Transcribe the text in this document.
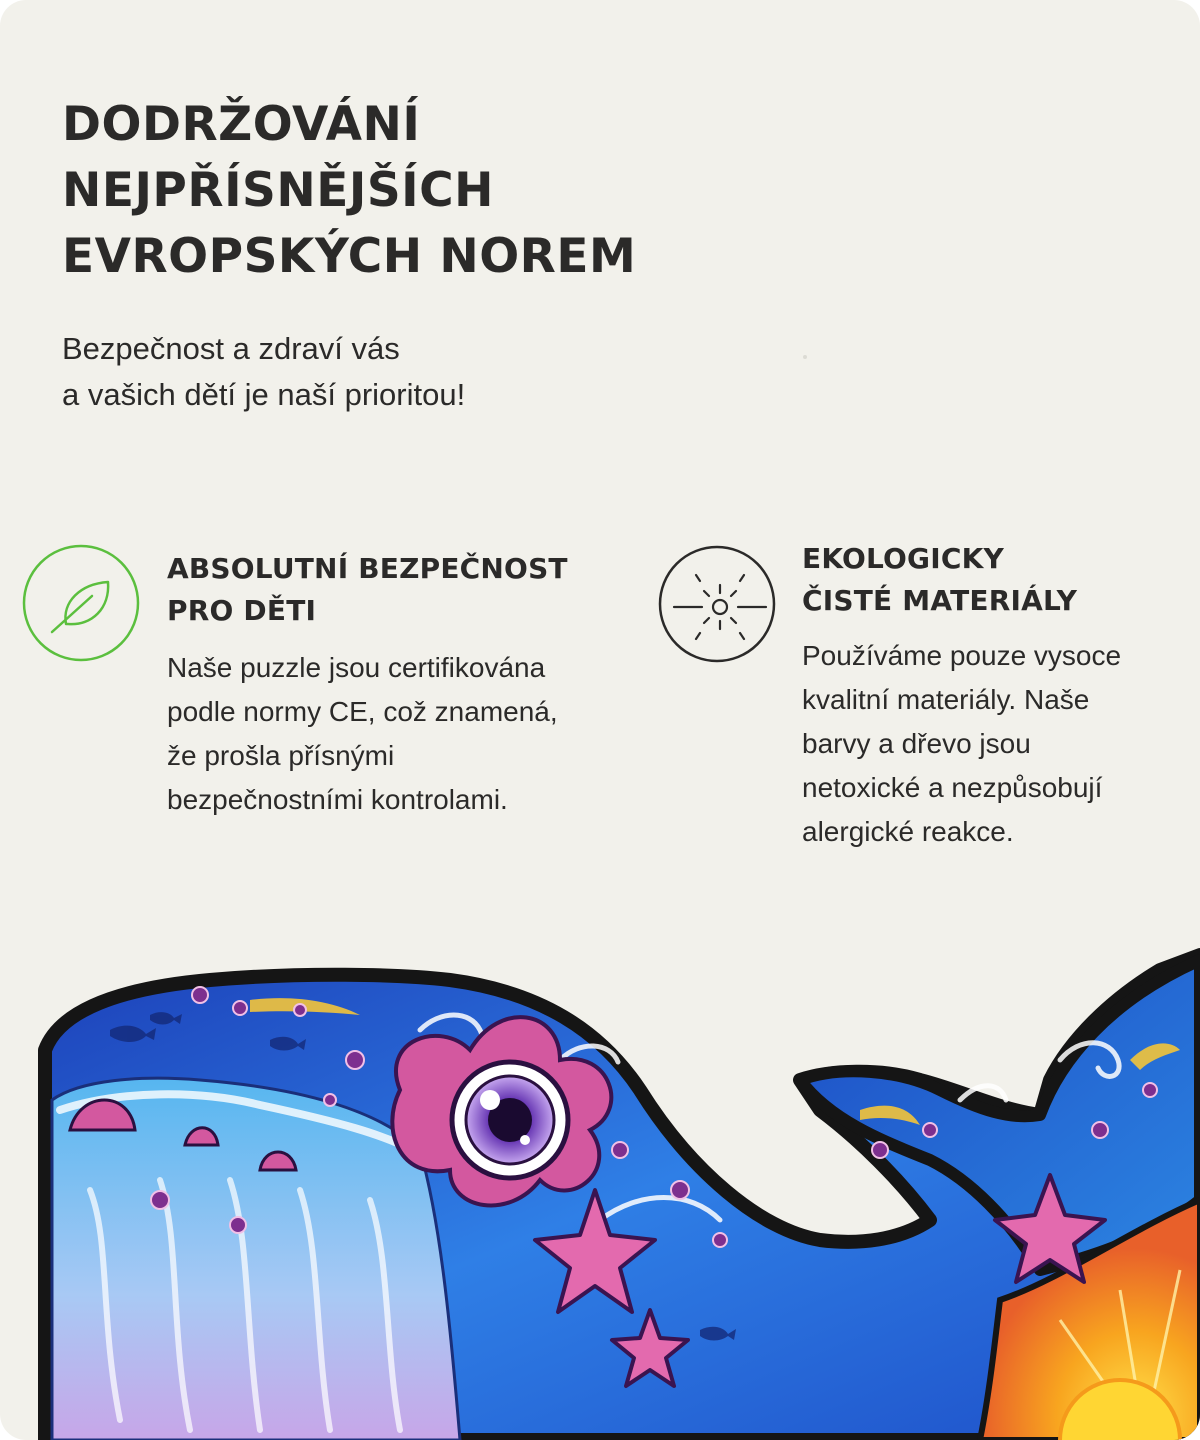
DODRŽOVÁNÍ
NEJPŘÍSNĚJŠÍCH
EVROPSKÝCH NOREM

Bezpečnost a zdraví vás
a vašich dětí je naší prioritou!

ABSOLUTNÍ BEZPEČNOST
PRO DĚTI

Naše puzzle jsou certifikována
podle normy CE, což znamená,
že prošla přísnými
bezpečnostními kontrolami.

EKOLOGICKY
ČISTÉ MATERIÁLY

Používáme pouze vysoce
kvalitní materiály. Naše
barvy a dřevo jsou
netoxické a nezpůsobují
alergické reakce.
